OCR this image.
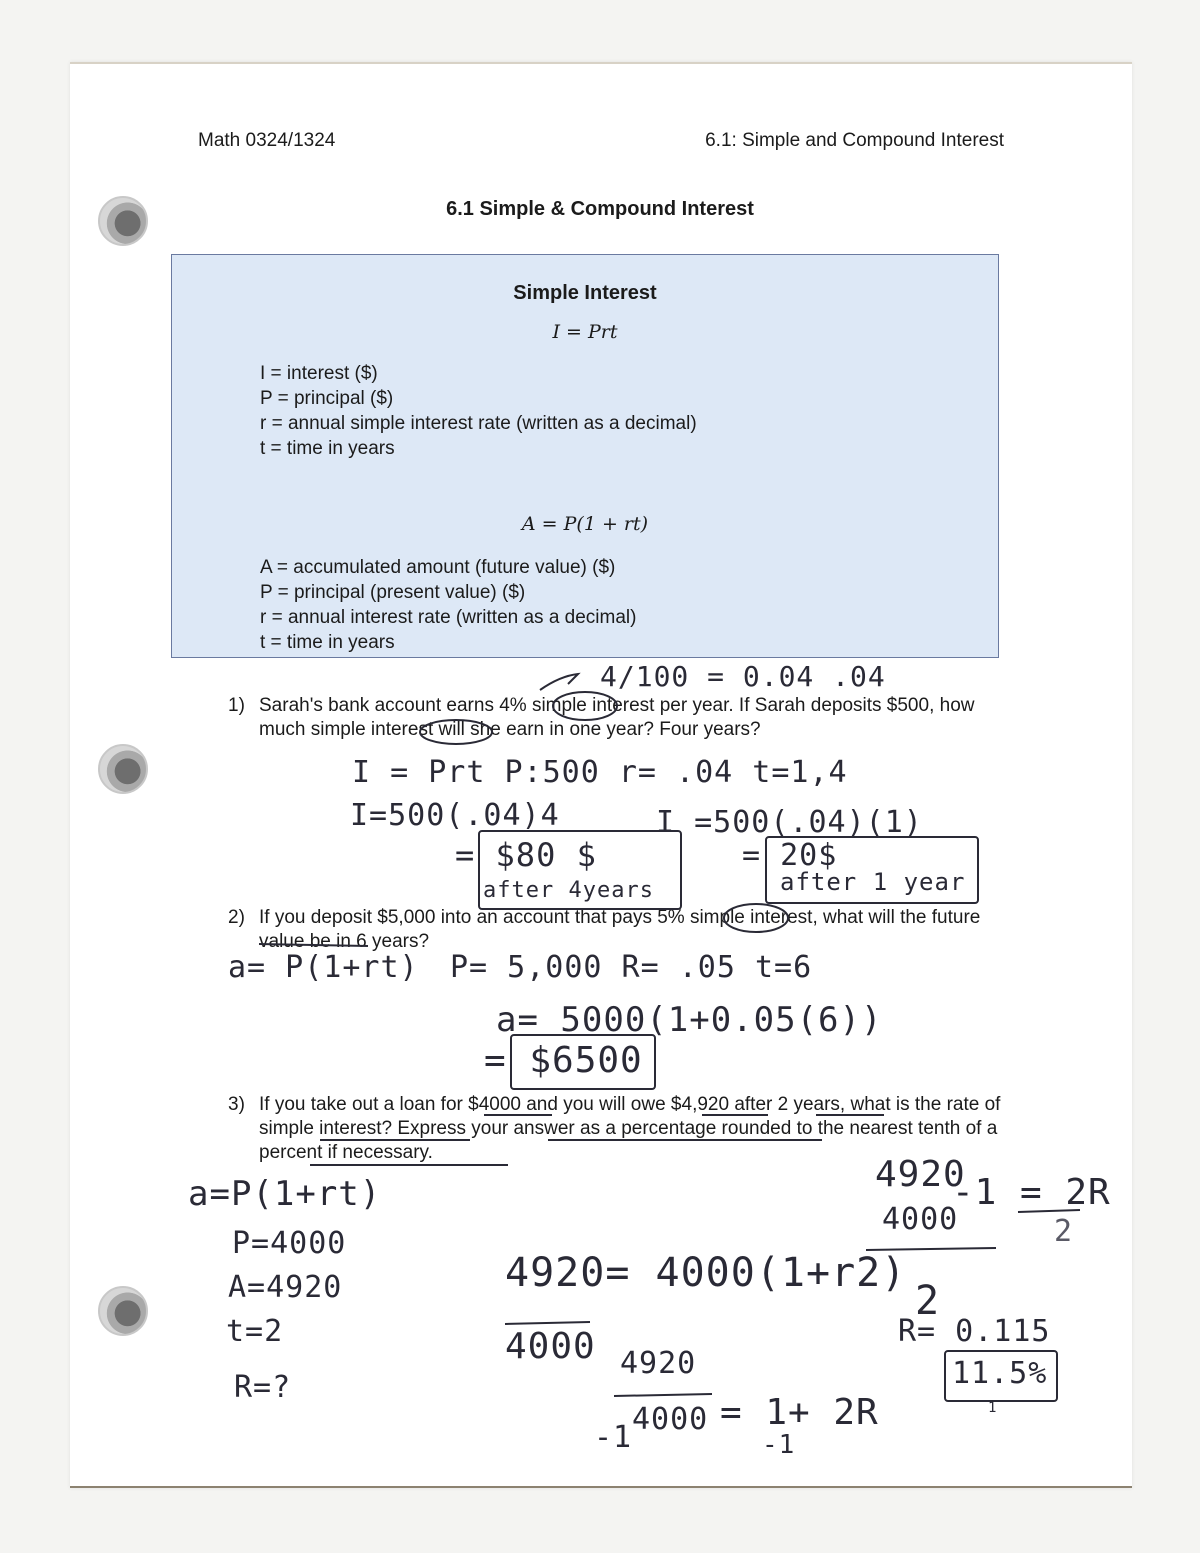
Math 0324/1324	6.1: Simple and Compound Interest
6.1 Simple & Compound Interest
Simple Interest
I = Prt
I = interest ($)
P = principal ($)
r = annual simple interest rate (written as a decimal)
t = time in years
A = P(1 + rt)
A = accumulated amount (future value) ($)
P = principal (present value) ($)
r = annual interest rate (written as a decimal)
t = time in years
1) Sarah's bank account earns 4% simple interest per year. If Sarah deposits $500, how much simple interest will she earn in one year? Four years?
2) If you deposit $5,000 into an account that pays 5% simple interest, what will the future value be in 6 years?
3) If you take out a loan for $4000 and you will owe $4,920 after 2 years, what is the rate of simple interest? Express your answer as a percentage rounded to the nearest tenth of a percent if necessary.
4/100 = 0.04 .04
I = Prt P:500 r= .04 t=1,4
I=500(.04)4	I =500(.04)(1)
= $80 $
after 4years
= 20$
after 1 year
a= P(1+rt) P= 5,000 R= .05 t=6
a= 5000(1+0.05(6))
= $6500
a=P(1+rt)
P=4000
A=4920
t=2
R=?
4920= 4000(1+r2)
4000 4920
4000 = 1+ 2R
-1	-1
4920
4000
-1 = 2R
2
2
R= 0.115
11.5%
1
